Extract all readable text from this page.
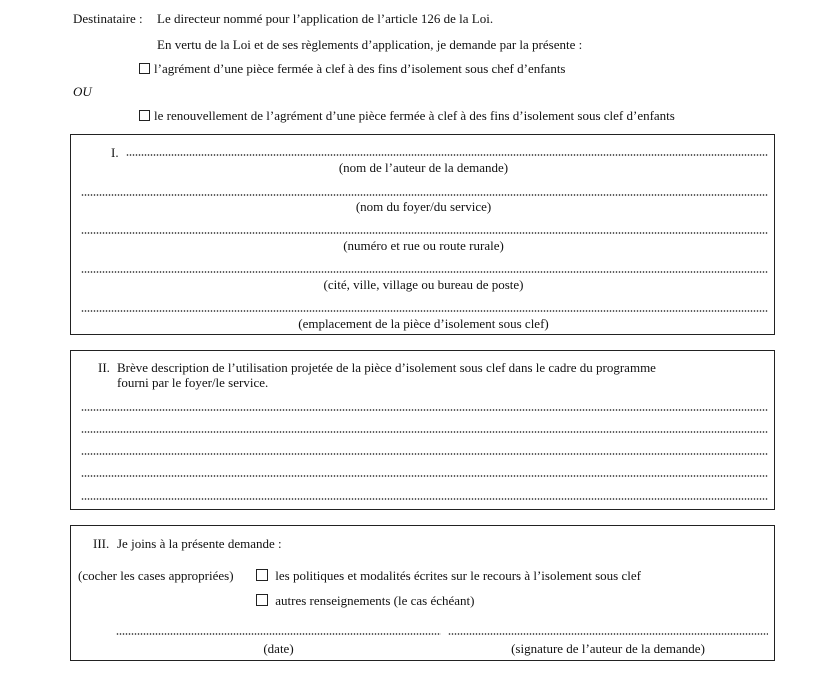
Destinataire : Le directeur nommé pour l’application de l’article 126 de la Loi.
En vertu de la Loi et de ses règlements d’application, je demande par la présente :
l’agrément d’une pièce fermée à clef à des fins d’isolement sous chef d’enfants
OU
le renouvellement de l’agrément d’une pièce fermée à clef à des fins d’isolement sous clef d’enfants
I.
(nom de l’auteur de la demande)
(nom du foyer/du service)
(numéro et rue ou route rurale)
(cité, ville, village ou bureau de poste)
(emplacement de la pièce d’isolement sous clef)
II. Brève description de l’utilisation projetée de la pièce d’isolement sous clef dans le cadre du programme
fourni par le foyer/le service.
III. Je joins à la présente demande :
(cocher les cases appropriées)	les politiques et modalités écrites sur le recours à l’isolement sous clef
autres renseignements (le cas échéant)
(date)	(signature de l’auteur de la demande)
